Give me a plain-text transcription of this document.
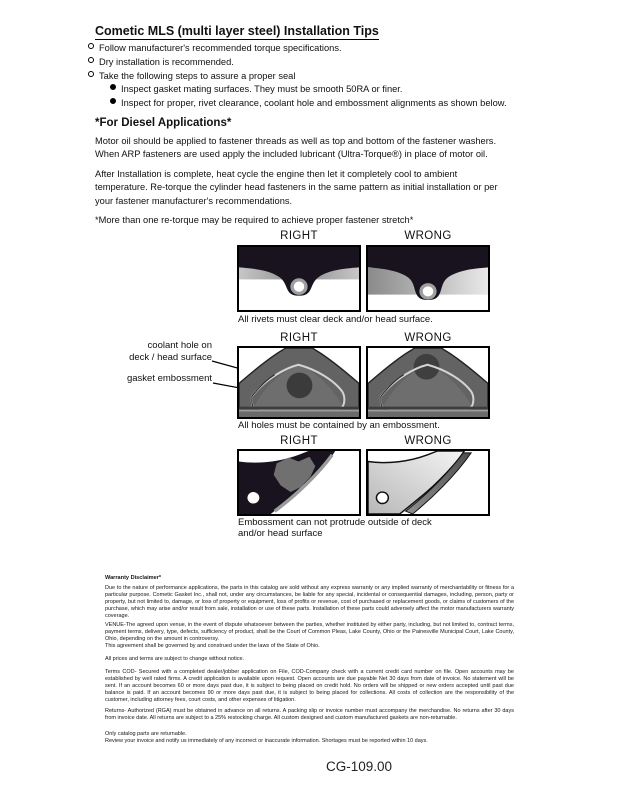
Cometic MLS (multi layer steel) Installation Tips
Follow manufacturer's recommended torque specifications.
Dry installation is recommended.
Take the following steps to assure a proper seal
Inspect gasket mating surfaces. They must be smooth 50RA or finer.
Inspect for proper, rivet clearance, coolant hole and embossment alignments as shown below.
*For Diesel Applications*
Motor oil should be applied to fastener threads as well as top and bottom of the fastener washers. When ARP fasteners are used apply the included lubricant (Ultra-Torque®) in place of motor oil.
After Installation is complete, heat cycle the engine then let it completely cool to ambient temperature. Re-torque the cylinder head fasteners in the same pattern as initial installation or per your fastener manufacturer's recommendations.
*More than one re-torque may be required to achieve proper fastener stretch*
RIGHT	WRONG
All rivets must clear deck and/or head surface.
RIGHT	WRONG
coolant hole on
deck / head surface
gasket embossment
All holes must be contained by an embossment.
RIGHT	WRONG
Embossment can not protrude outside of deck and/or head surface
Warranty Disclaimer*
Due to the nature of performance applications, the parts in this catalog are sold without any express warranty or any implied warranty of merchantability or fitness for a particular purpose. Cometic Gasket Inc., shall not, under any circumstances, be liable for any special, incidental or consequential damages, including, person, party or property, but not limited to, damage, or loss of property or equipment, loss of profits or revenue, cost of purchased or replacement goods, or claims of customers of the purchase, which may arise and/or result from sale, installation or use of these parts. Installation of these parts could adversely affect the motor manufacturers warranty coverage.
VENUE-The agreed upon venue, in the event of dispute whatsoever between the parties, whether instituted by either party, including, but not limited to, contract terms, payment terms, delivery, type, defects, sufficiency of product, shall be the Court of Common Pleas, Lake County, Ohio or the Painesville Municipal Court, Lake County, Ohio, depending on the amount in controversy.
This agreement shall be governed by and construed under the laws of the State of Ohio.
All prices and terms are subject to change without notice.
Terms COD- Secured with a completed dealer/jobber application on File, COD-Company check with a current credit card number on file. Open accounts may be established by well rated firms. A credit application is available upon request. Open accounts are due payable Net 30 days from date of invoice. No statement will be sent. If an account becomes 60 or more days past due, it is subject to being placed on credit hold. No orders will be shipped or new orders accepted until past due balance is paid. If an account becomes 90 or more days past due, it is subject to being placed for collections. All costs of collection are the responsibility of the customer, including attorney fees, court costs, and other expenses of litigation.
Returns- Authorized (RGA) must be obtained in advance on all returns. A packing slip or invoice number must accompany the merchandise. No returns after 30 days from invoice date. All returns are subject to a 25% restocking charge. All custom designed and custom manufactured gaskets are non-returnable.
Only catalog parts are returnable.
Review your invoice and notify us immediately of any incorrect or inaccurate information. Shortages must be reported within 10 days.
CG-109.00
